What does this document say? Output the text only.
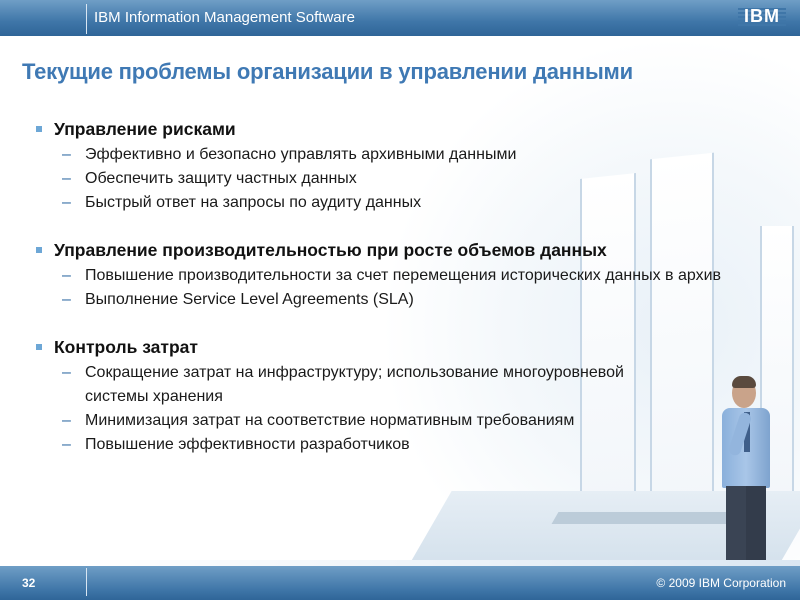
IBM Information Management Software	IBM
Текущие проблемы организации в управлении данными
Управление рисками
– Эффективно и безопасно управлять архивными данными
– Обеспечить защиту частных данных
– Быстрый ответ на запросы по аудиту данных
Управление производительностью при росте объемов данных
– Повышение производительности за счет перемещения исторических данных в архив
– Выполнение Service Level Agreements (SLA)
Контроль затрат
– Сокращение затрат на инфраструктуру; использование многоуровневой системы хранения
– Минимизация затрат на соответствие нормативным требованиям
– Повышение эффективности разработчиков
32	© 2009 IBM Corporation
